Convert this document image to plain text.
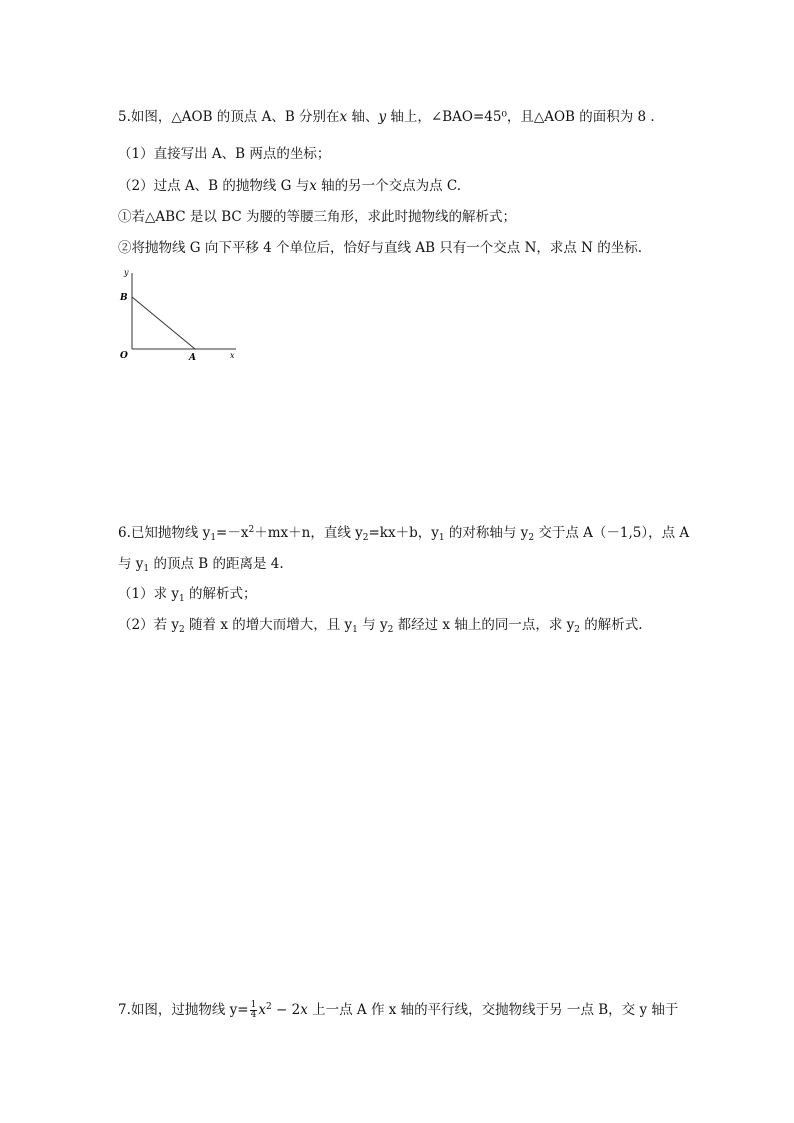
5.如图，△AOB 的顶点 A、B 分别在x 轴、y 轴上，∠BAO=45⁰，且△AOB 的面积为 8 .
（1）直接写出 A、B 两点的坐标；
（2）过点 A、B 的抛物线 G 与x 轴的另一个交点为点 C.
①若△ABC 是以 BC 为腰的等腰三角形，求此时抛物线的解析式；
②将抛物线 G 向下平移 4 个单位后，恰好与直线 AB 只有一个交点 N，求点 N 的坐标.
y
B
O	A	x
6.已知抛物线 $y_1=-x^2+mx+n$，直线 $y_2=kx+b$，$y_1$ 的对称轴与 $y_2$ 交于点 A（－1,5），点 A
与 $y_1$ 的顶点 B 的距离是 4.
（1）求 $y_1$ 的解析式；
（2）若 $y_2$ 随着 x 的增大而增大，且 $y_1$ 与 $y_2$ 都经过 x 轴上的同一点，求 $y_2$ 的解析式.
7.如图，过抛物线 $y= \frac{1}{4} x^2 - 2x$ 上一点 A 作 x 轴的平行线，交抛物线于另 一点 B，交 y 轴于
